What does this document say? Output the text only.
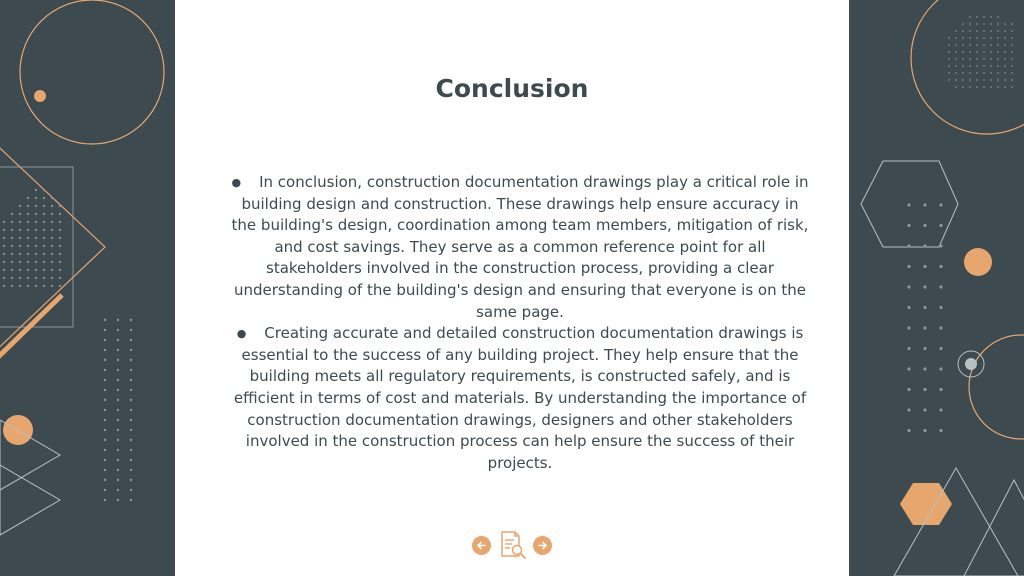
Conclusion
● In conclusion, construction documentation drawings play a critical role in building design and construction. These drawings help ensure accuracy in the building's design, coordination among team members, mitigation of risk, and cost savings. They serve as a common reference point for all stakeholders involved in the construction process, providing a clear understanding of the building's design and ensuring that everyone is on the same page.
● Creating accurate and detailed construction documentation drawings is essential to the success of any building project. They help ensure that the building meets all regulatory requirements, is constructed safely, and is efficient in terms of cost and materials. By understanding the importance of construction documentation drawings, designers and other stakeholders involved in the construction process can help ensure the success of their projects.
